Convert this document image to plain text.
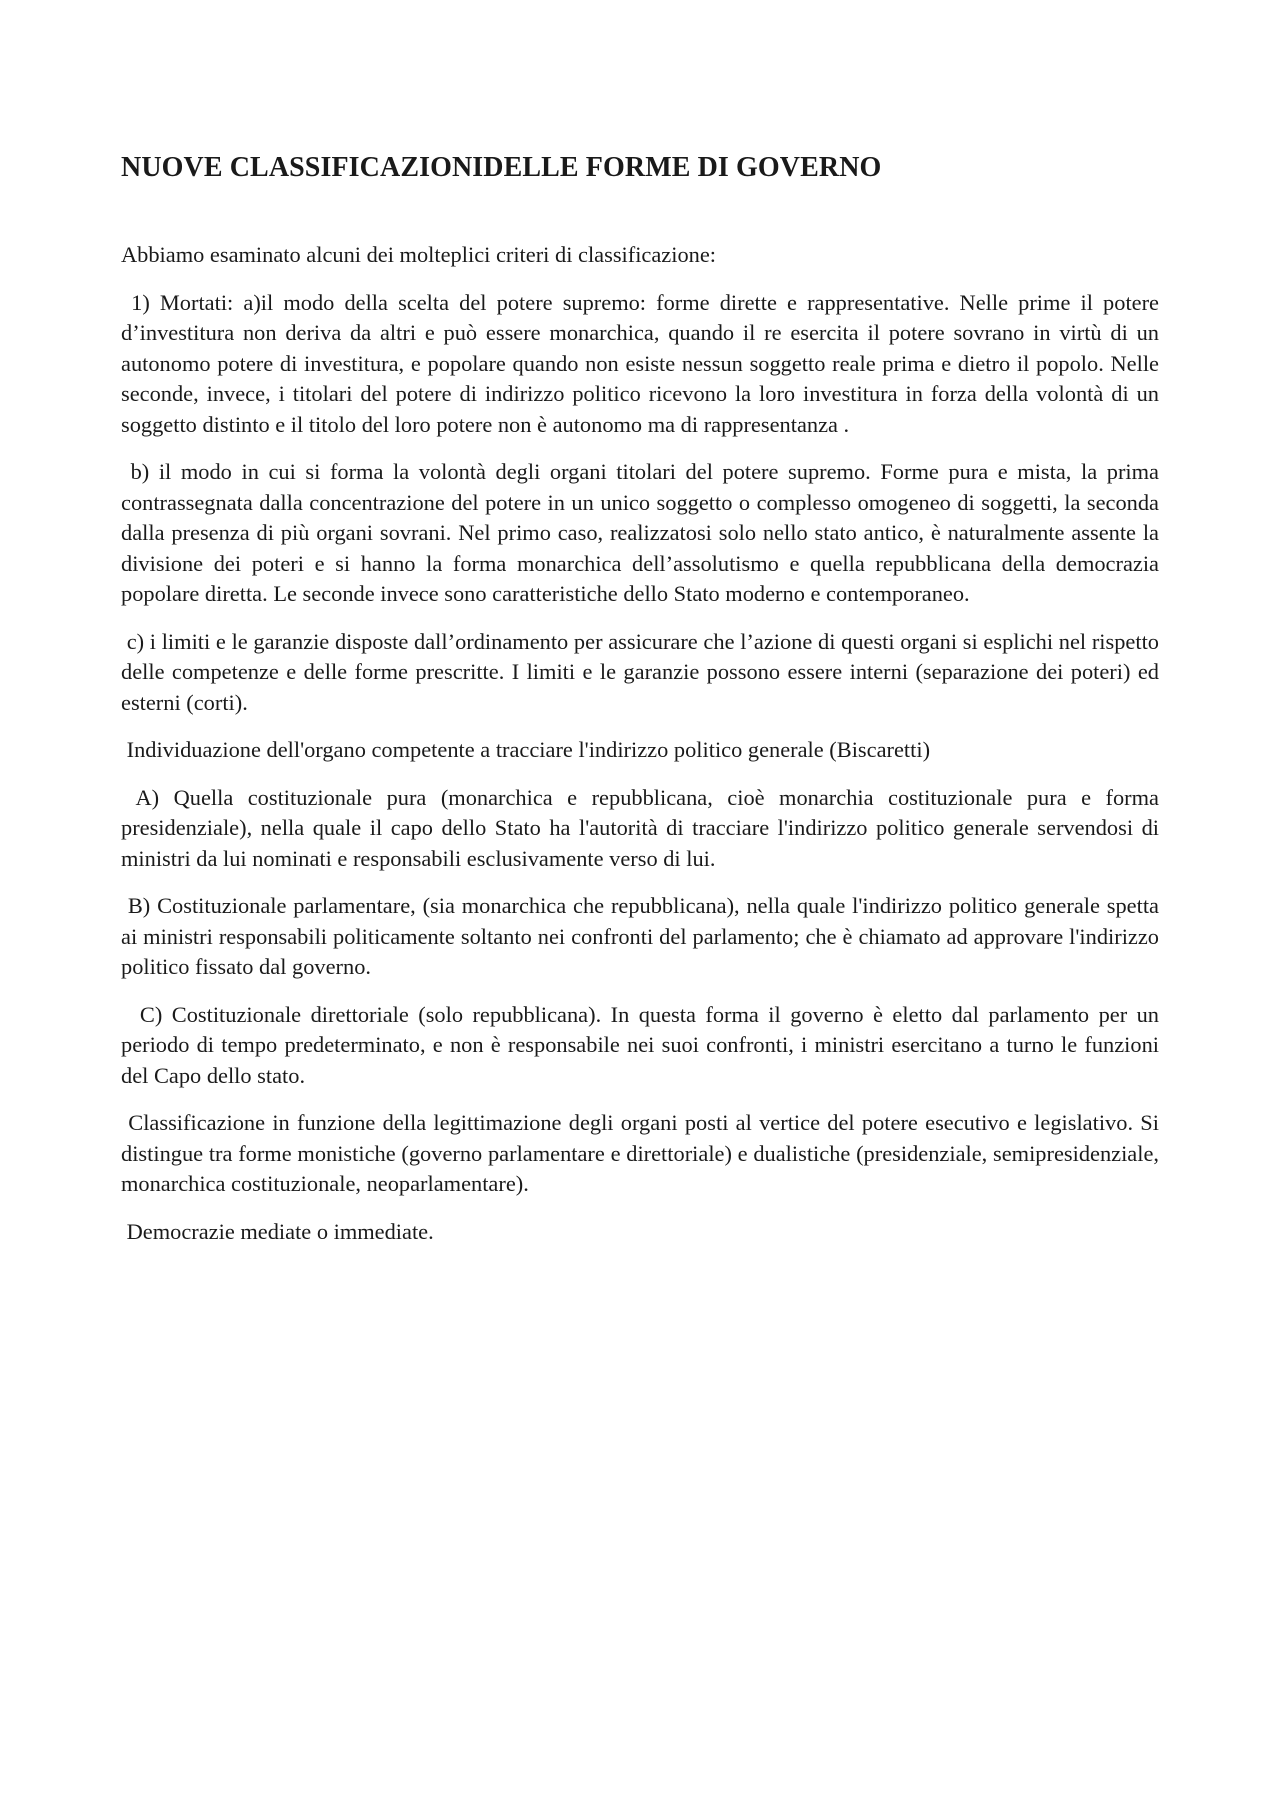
NUOVE CLASSIFICAZIONIDELLE FORME DI GOVERNO

Abbiamo esaminato alcuni dei molteplici criteri di classificazione:

1) Mortati: a)il modo della scelta del potere supremo: forme dirette e rappresentative. Nelle prime il potere d’investitura non deriva da altri e può essere monarchica, quando il re esercita il potere sovrano in virtù di un autonomo potere di investitura, e popolare quando non esiste nessun soggetto reale prima e dietro il popolo. Nelle seconde, invece, i titolari del potere di indirizzo politico ricevono la loro investitura in forza della volontà di un soggetto distinto e il titolo del loro potere non è autonomo ma di rappresentanza .

b) il modo in cui si forma la volontà degli organi titolari del potere supremo. Forme pura e mista, la prima contrassegnata dalla concentrazione del potere in un unico soggetto o complesso omogeneo di soggetti, la seconda dalla presenza di più organi sovrani. Nel primo caso, realizzatosi solo nello stato antico, è naturalmente assente la divisione dei poteri e si hanno la forma monarchica dell’assolutismo e quella repubblicana della democrazia popolare diretta. Le seconde invece sono caratteristiche dello Stato moderno e contemporaneo.

c) i limiti e le garanzie disposte dall’ordinamento per assicurare che l’azione di questi organi si esplichi nel rispetto delle competenze e delle forme prescritte. I limiti e le garanzie possono essere interni (separazione dei poteri) ed esterni (corti).

Individuazione dell'organo competente a tracciare l'indirizzo politico generale (Biscaretti)

A) Quella costituzionale pura (monarchica e repubblicana, cioè monarchia costituzionale pura e forma presidenziale), nella quale il capo dello Stato ha l'autorità di tracciare l'indirizzo politico generale servendosi di ministri da lui nominati e responsabili esclusivamente verso di lui.

B) Costituzionale parlamentare, (sia monarchica che repubblicana), nella quale l'indirizzo politico generale spetta ai ministri responsabili politicamente soltanto nei confronti del parlamento; che è chiamato ad approvare l'indirizzo politico fissato dal governo.

C) Costituzionale direttoriale (solo repubblicana). In questa forma il governo è eletto dal parlamento per un periodo di tempo predeterminato, e non è responsabile nei suoi confronti, i ministri esercitano a turno le funzioni del Capo dello stato.

Classificazione in funzione della legittimazione degli organi posti al vertice del potere esecutivo e legislativo. Si distingue tra forme monistiche (governo parlamentare e direttoriale) e dualistiche (presidenziale, semipresidenziale, monarchica costituzionale, neoparlamentare).

Democrazie mediate o immediate.
